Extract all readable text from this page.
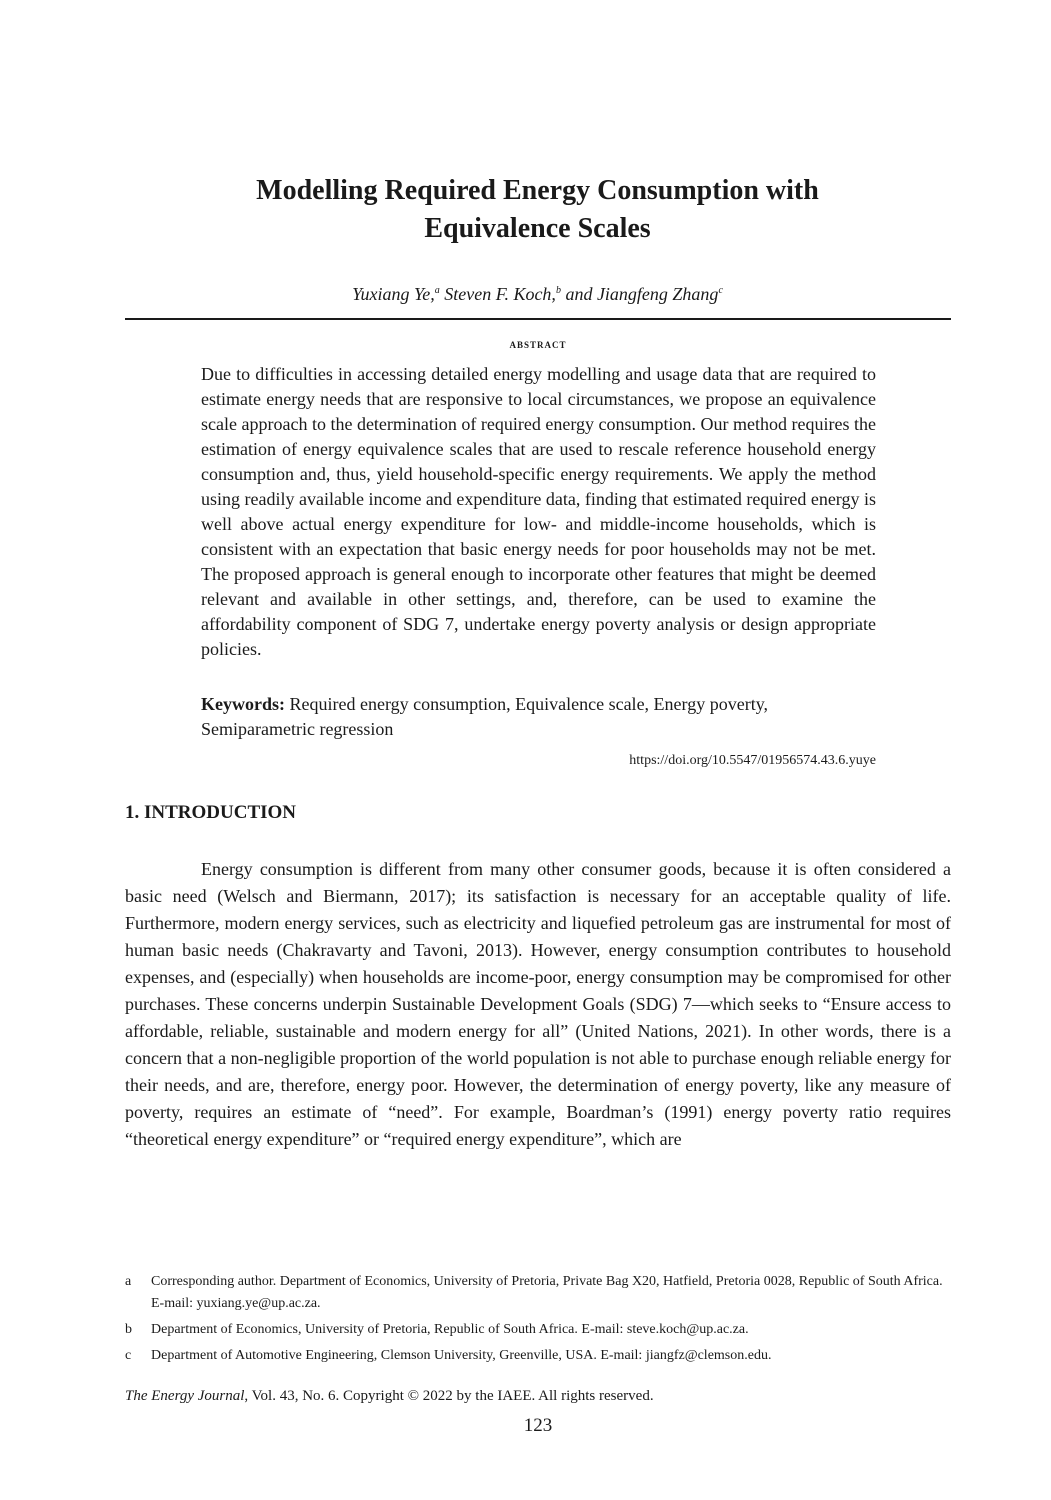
Modelling Required Energy Consumption with
Equivalence Scales
Yuxiang Ye,$^a$ Steven F. Koch,$^b$ and Jiangfeng Zhang$^c$
abstract

Due to difficulties in accessing detailed energy modelling and usage data that are required to estimate energy needs that are responsive to local circumstances, we propose an equivalence scale approach to the determination of required energy consumption. Our method requires the estimation of energy equivalence scales that are used to rescale reference household energy consumption and, thus, yield household-specific energy requirements. We apply the method using readily available income and expenditure data, finding that estimated required energy is well above actual energy expenditure for low- and middle-income households, which is consistent with an expectation that basic energy needs for poor households may not be met. The proposed approach is general enough to incorporate other features that might be deemed relevant and available in other settings, and, therefore, can be used to examine the affordability component of SDG 7, undertake energy poverty analysis or design appropriate policies.

Keywords: Required energy consumption, Equivalence scale, Energy poverty, Semiparametric regression

https://doi.org/10.5547/01956574.43.6.yuye
1. INTRODUCTION

Energy consumption is different from many other consumer goods, because it is often considered a basic need (Welsch and Biermann, 2017); its satisfaction is necessary for an acceptable quality of life. Furthermore, modern energy services, such as electricity and liquefied petroleum gas are instrumental for most of human basic needs (Chakravarty and Tavoni, 2013). However, energy consumption contributes to household expenses, and (especially) when households are income-poor, energy consumption may be compromised for other purchases. These concerns underpin Sustainable Development Goals (SDG) 7—which seeks to “Ensure access to affordable, reliable, sustainable and modern energy for all” (United Nations, 2021). In other words, there is a concern that a non-negligible proportion of the world population is not able to purchase enough reliable energy for their needs, and are, therefore, energy poor. However, the determination of energy poverty, like any measure of poverty, requires an estimate of “need”. For example, Boardman’s (1991) energy poverty ratio requires “theoretical energy expenditure” or “required energy expenditure”, which are

a Corresponding author. Department of Economics, University of Pretoria, Private Bag X20, Hatfield, Pretoria 0028, Republic of South Africa. E-mail: yuxiang.ye@up.ac.za.
b Department of Economics, University of Pretoria, Republic of South Africa. E-mail: steve.koch@up.ac.za.
c Department of Automotive Engineering, Clemson University, Greenville, USA. E-mail: jiangfz@clemson.edu.
The Energy Journal, Vol. 43, No. 6. Copyright © 2022 by the IAEE. All rights reserved.
123
